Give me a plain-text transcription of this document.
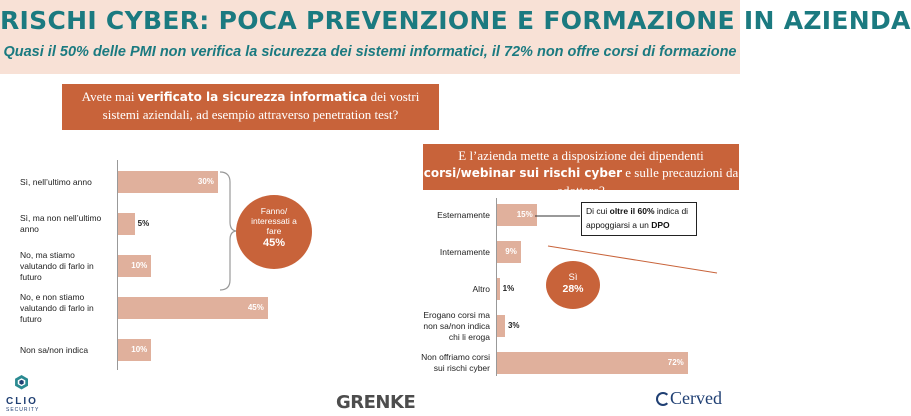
RISCHI CYBER: POCA PREVENZIONE E FORMAZIONE IN AZIENDA
Quasi il 50% delle PMI non verifica la sicurezza dei sistemi informatici, il 72% non offre corsi di formazione
Avete mai verificato la sicurezza informatica dei vostri sistemi aziendali, ad esempio attraverso penetration test?
E l’azienda mette a disposizione dei dipendenti corsi/webinar sui rischi cyber e sulle precauzioni da adottare?
30%
Sì, nell’ultimo anno
5%
Sì, ma non nell’ultimo anno
10%
No, ma stiamo valutando di farlo in futuro
45%
No, e non stiamo valutando di farlo in futuro
10%
Non sa/non indica
15%
Esternamente
9%
Internamente
1%
Altro
3%
Erogano corsi ma non sa/non indica chi li eroga
72%
Non offriamo corsi sui rischi cyber
Fanno/
interessati a
fare
45%
Sì
28%
Di cui oltre il 60% indica di appoggiarsi a un DPO
CLIO
SECURITY	GRENKE	Cerved
